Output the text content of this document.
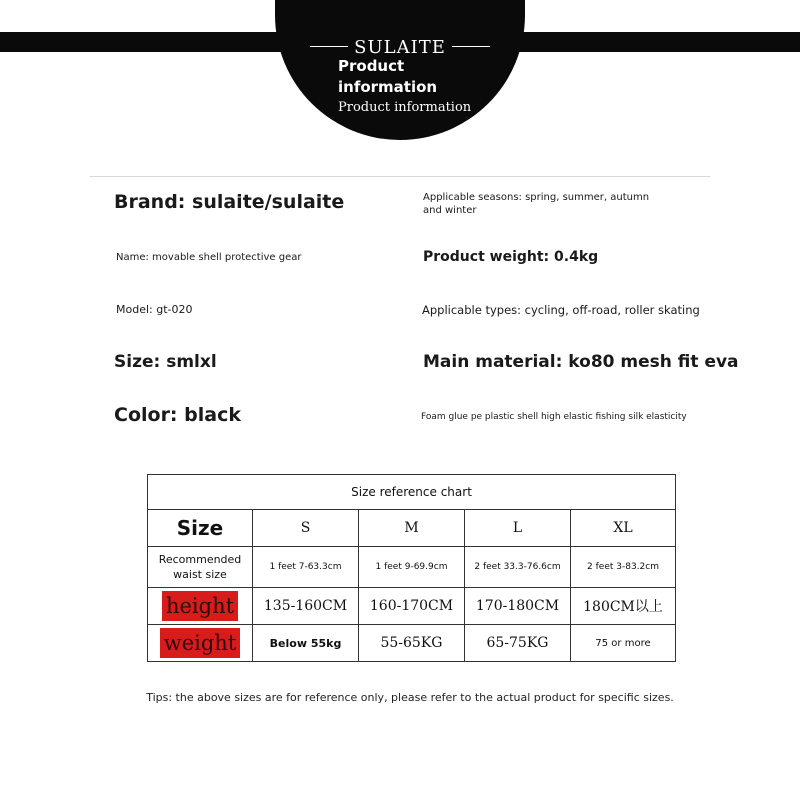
SULAITE
Product information
Product information
Brand: sulaite/sulaite	Applicable seasons: spring, summer, autumn and winter
Name: movable shell protective gear	Product weight: 0.4kg
Model: gt-020	Applicable types: cycling, off-road, roller skating
Size: smlxl	Main material: ko80 mesh fit eva
Color: black	Foam glue pe plastic shell high elastic fishing silk elasticity
Size reference chart				
Size	S	M	L	XL
Recommended waist size	1 feet 7-63.3cm	1 feet 9-69.9cm	2 feet 33.3-76.6cm	2 feet 3-83.2cm
height	135-160CM	160-170CM	170-180CM	180CM以上
weight	Below 55kg	55-65KG	65-75KG	75 or more
Tips: the above sizes are for reference only, please refer to the actual product for specific sizes.
